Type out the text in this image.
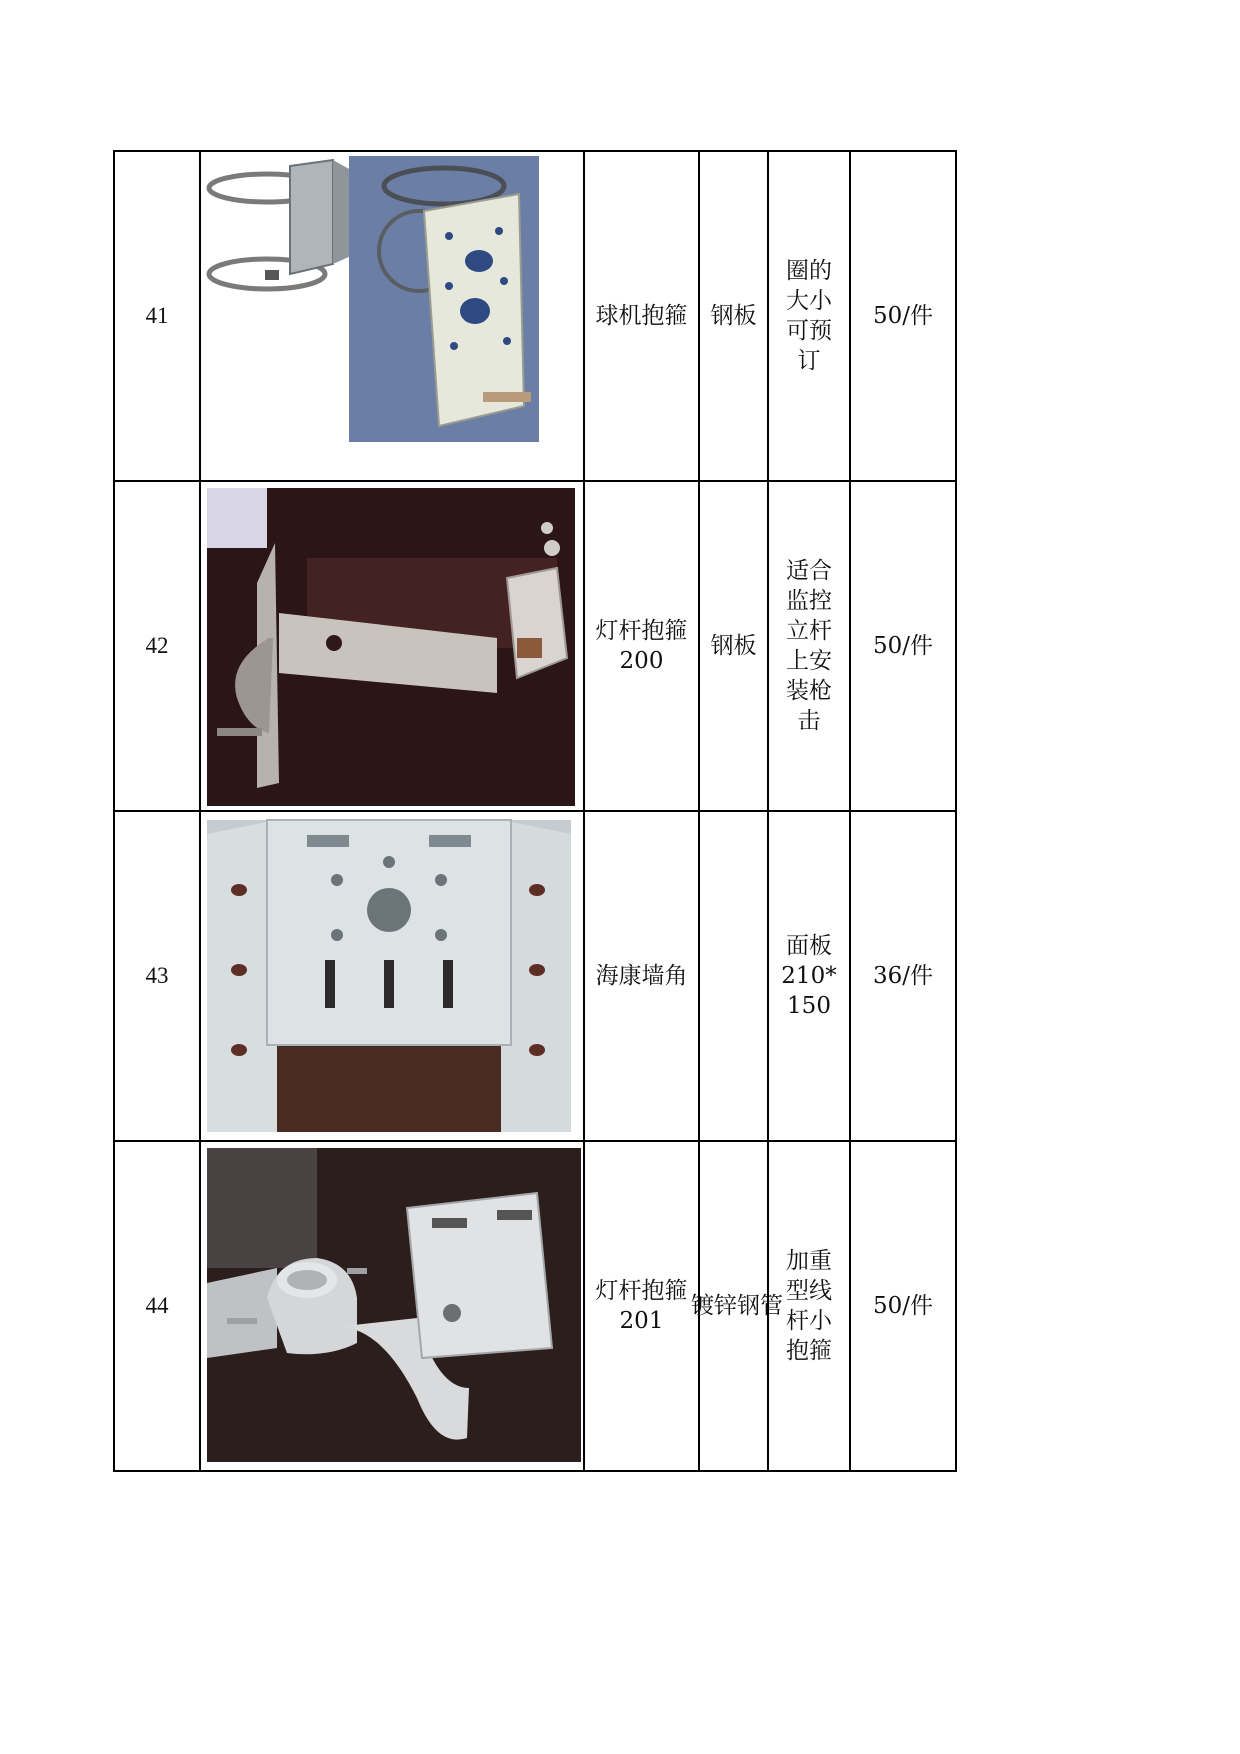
41		球机抱箍	钢板	圈的大小可预订	50/件
42		灯杆抱箍200	钢板	适合监控立杆上安装枪击	50/件
43		海康墙角		面板210*150	36/件
44		灯杆抱箍201	镀锌钢管	加重型线杆小抱箍	50/件
